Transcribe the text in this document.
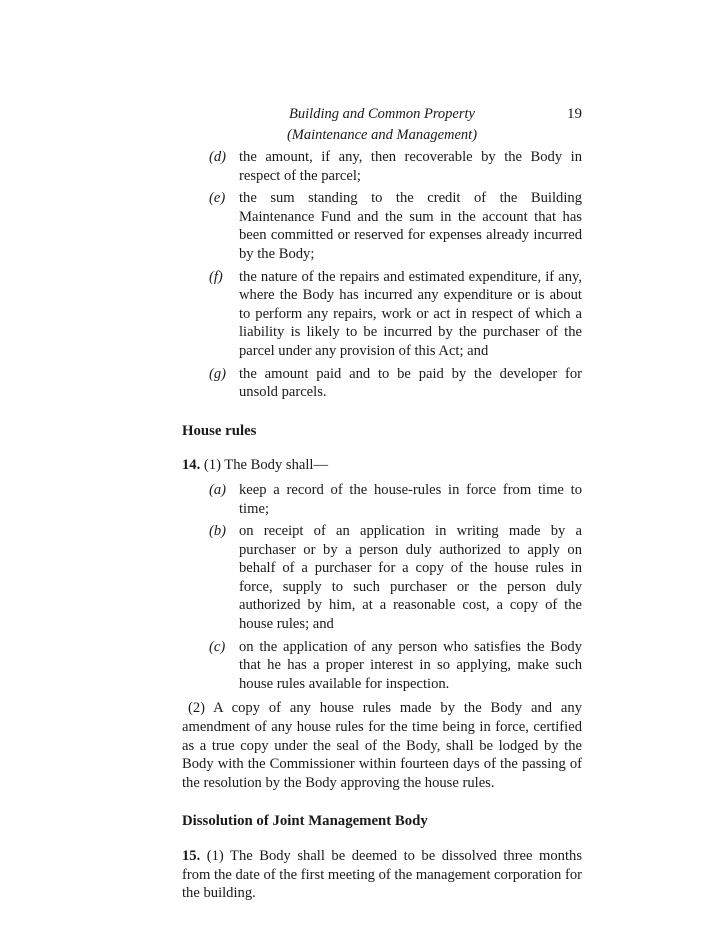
Building and Common Property
(Maintenance and Management)
19
(d) the amount, if any, then recoverable by the Body in respect of the parcel;
(e) the sum standing to the credit of the Building Maintenance Fund and the sum in the account that has been committed or reserved for expenses already incurred by the Body;
(f)	the nature of the repairs and estimated expenditure, if any, where the Body has incurred any expenditure or is about to perform any repairs, work or act in respect of which a liability is likely to be incurred by the purchaser of the parcel under any provision of this Act; and
(g) the amount paid and to be paid by the developer for unsold parcels.
House rules

14. (1) The Body shall—

(a) keep a record of the house-rules in force from time to time;
(b) on receipt of an application in writing made by a purchaser or by a person duly authorized to apply on behalf of a purchaser for a copy of the house rules in force, supply to such purchaser or the person duly authorized by him, at a reasonable cost, a copy of the house rules; and
(c) on the application of any person who satisfies the Body that he has a proper interest in so applying, make such house rules available for inspection.

(2) A copy of any house rules made by the Body and any amendment of any house rules for the time being in force, certified as a true copy under the seal of the Body, shall be lodged by the Body with the Commissioner within fourteen days of the passing of the resolution by the Body approving the house rules.

Dissolution of Joint Management Body

15. (1) The Body shall be deemed to be dissolved three months from the date of the first meeting of the management corporation for the building.
